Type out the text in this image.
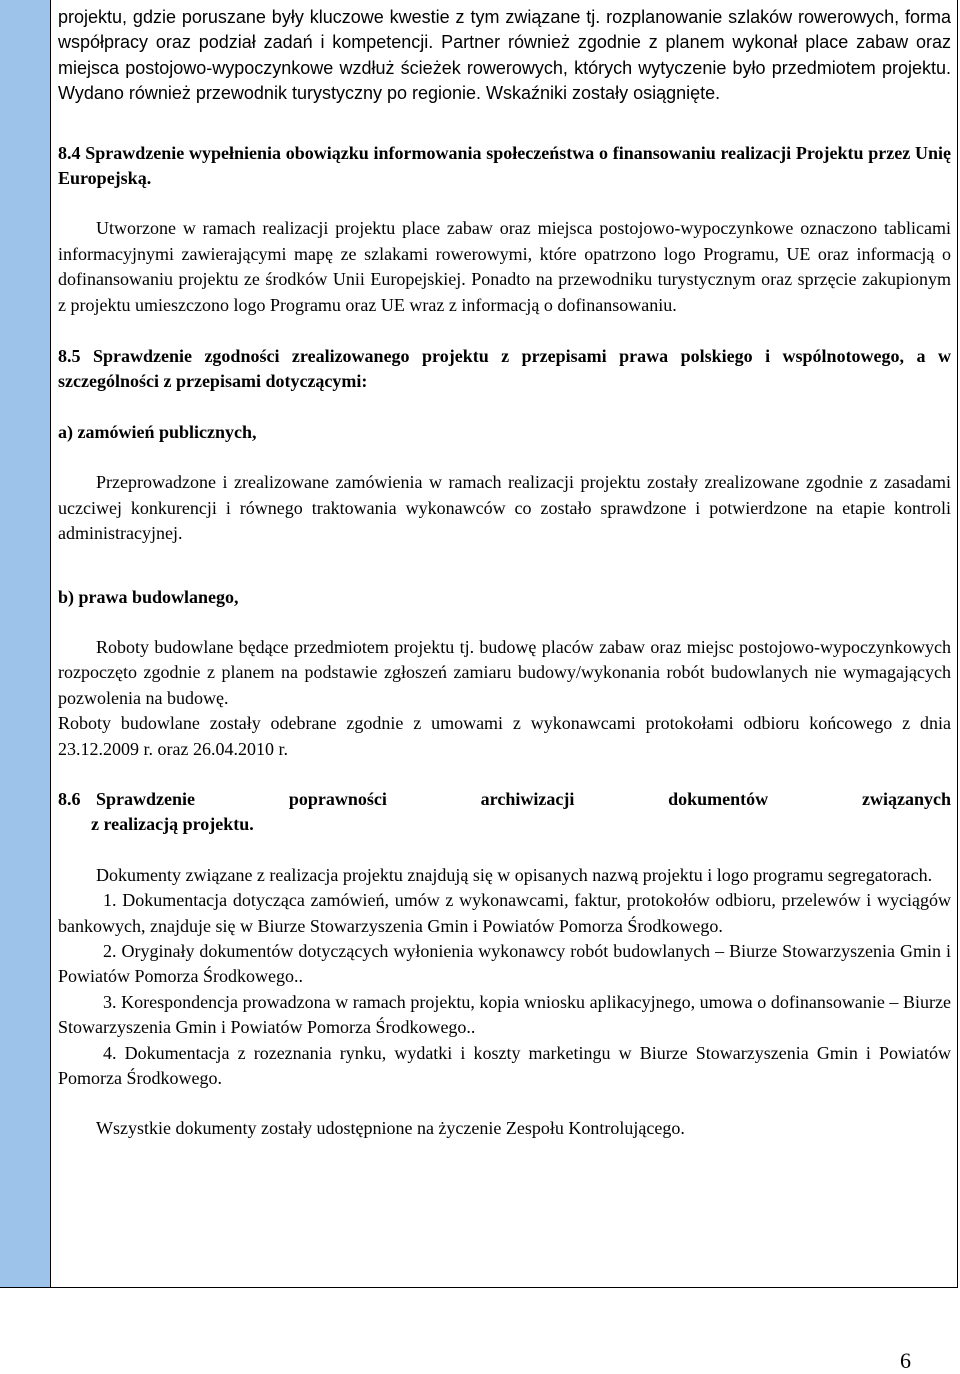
projektu, gdzie poruszane były kluczowe kwestie z tym związane tj. rozplanowanie szlaków rowerowych, forma współpracy oraz podział zadań i kompetencji. Partner również zgodnie z planem wykonał place zabaw oraz miejsca postojowo-wypoczynkowe wzdłuż ścieżek rowerowych, których wytyczenie było przedmiotem projektu. Wydano również przewodnik turystyczny po regionie. Wskaźniki zostały osiągnięte.

8.4 Sprawdzenie wypełnienia obowiązku informowania społeczeństwa o finansowaniu realizacji Projektu przez Unię Europejską.

Utworzone w ramach realizacji projektu place zabaw oraz miejsca postojowo-wypoczynkowe oznaczono tablicami informacyjnymi zawierającymi mapę ze szlakami rowerowymi, które opatrzono logo Programu, UE oraz informacją o dofinansowaniu projektu ze środków Unii Europejskiej. Ponadto na przewodniku turystycznym oraz sprzęcie zakupionym z projektu umieszczono logo Programu oraz UE wraz z informacją o dofinansowaniu.

8.5 Sprawdzenie zgodności zrealizowanego projektu z przepisami prawa polskiego i wspólnotowego, a w szczególności z przepisami dotyczącymi:

a) zamówień publicznych,

Przeprowadzone i zrealizowane zamówienia w ramach realizacji projektu zostały zrealizowane zgodnie z zasadami uczciwej konkurencji i równego traktowania wykonawców co zostało sprawdzone i potwierdzone na etapie kontroli administracyjnej.

b) prawa budowlanego,

Roboty budowlane będące przedmiotem projektu tj. budowę placów zabaw oraz miejsc postojowo-wypoczynkowych rozpoczęto zgodnie z planem na podstawie zgłoszeń zamiaru budowy/wykonania robót budowlanych nie wymagających pozwolenia na budowę.

Roboty budowlane zostały odebrane zgodnie z umowami z wykonawcami protokołami odbioru końcowego z dnia 23.12.2009 r. oraz 26.04.2010 r.

8.6 Sprawdzenie poprawności archiwizacji dokumentów związanych
z realizacją projektu.

Dokumenty związane z realizacja projektu znajdują się w opisanych nazwą projektu i logo programu segregatorach.

1. Dokumentacja dotycząca zamówień, umów z wykonawcami, faktur, protokołów odbioru, przelewów i wyciągów bankowych, znajduje się w Biurze Stowarzyszenia Gmin i Powiatów Pomorza Środkowego.

2. Oryginały dokumentów dotyczących wyłonienia wykonawcy robót budowlanych – Biurze Stowarzyszenia Gmin i Powiatów Pomorza Środkowego..

3. Korespondencja prowadzona w ramach projektu, kopia wniosku aplikacyjnego, umowa o dofinansowanie – Biurze Stowarzyszenia Gmin i Powiatów Pomorza Środkowego..

4. Dokumentacja z rozeznania rynku, wydatki i koszty marketingu w Biurze Stowarzyszenia Gmin i Powiatów Pomorza Środkowego.

Wszystkie dokumenty zostały udostępnione na życzenie Zespołu Kontrolującego.

6
